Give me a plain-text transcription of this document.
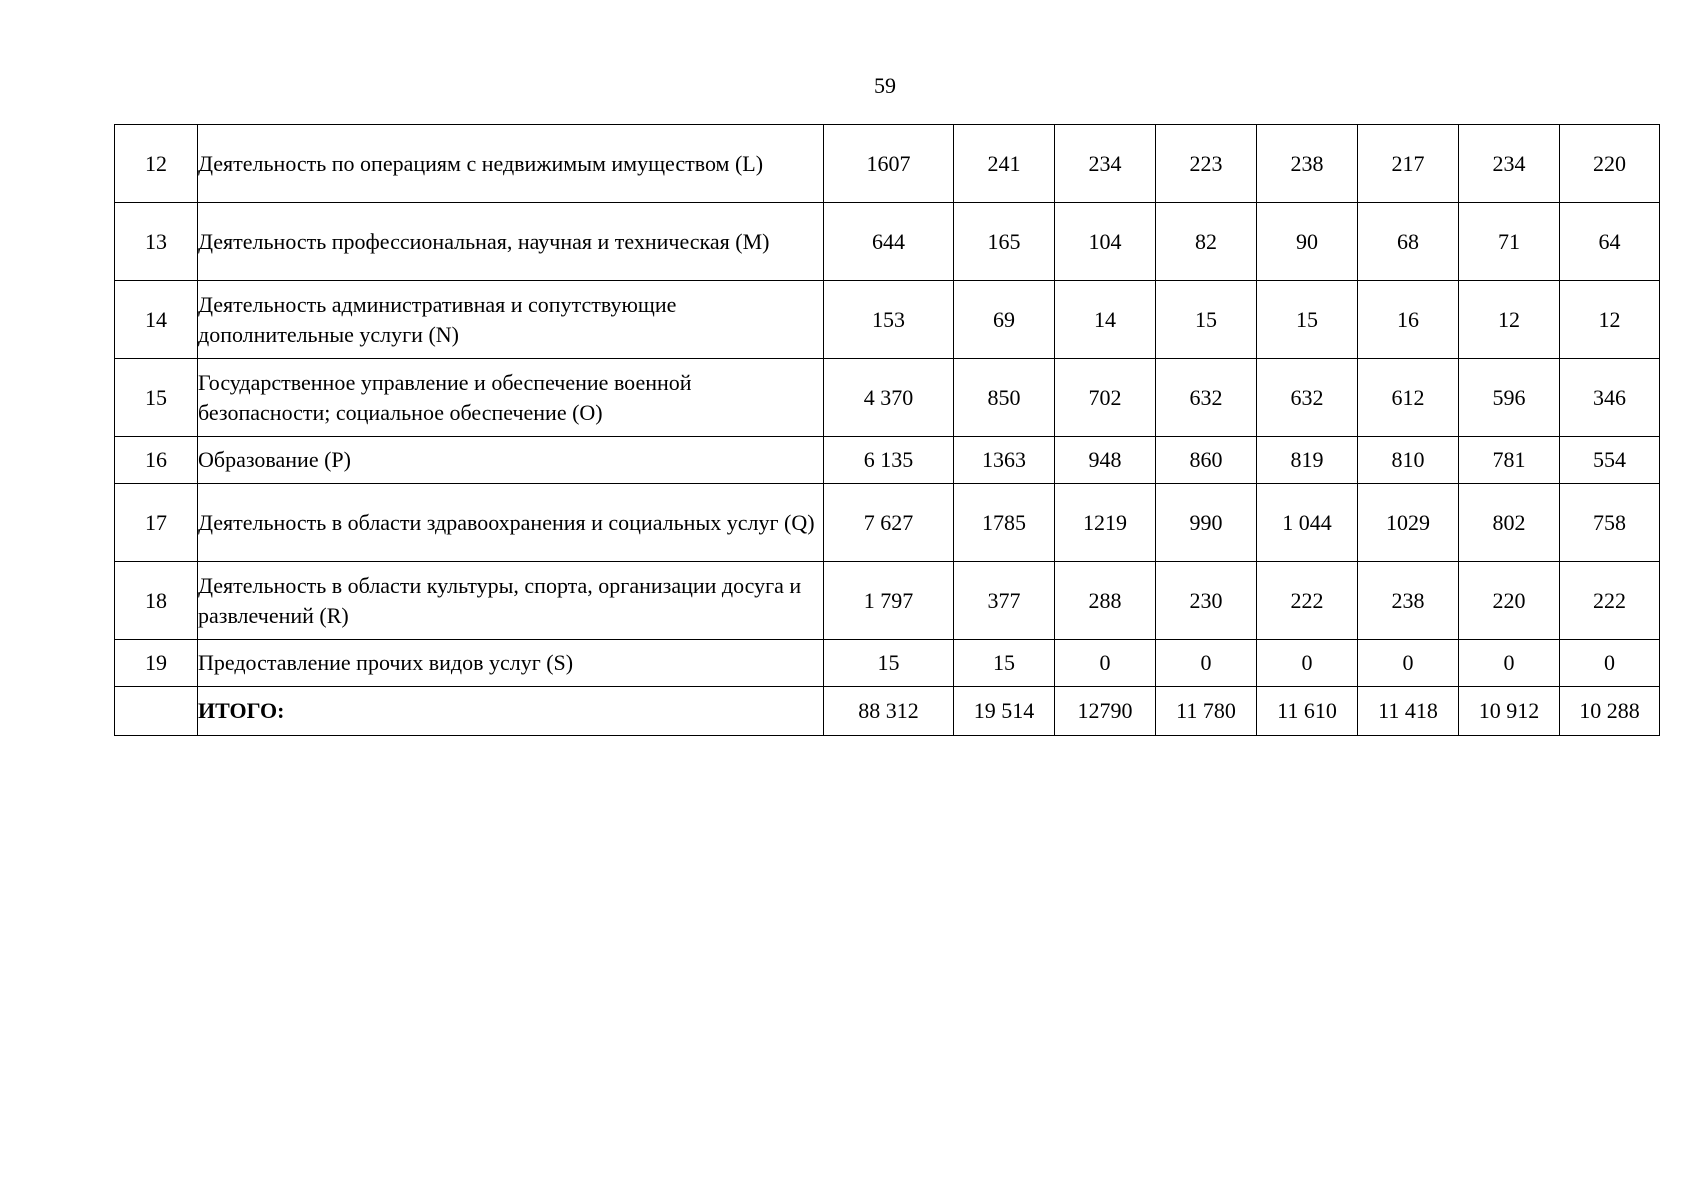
59
12	Деятельность по операциям с недвижимым имуществом (L)	1607	241	234	223	238	217	234	220
13	Деятельность профессиональная, научная и техническая (M)	644	165	104	82	90	68	71	64
14	Деятельность административная и сопутствующие дополнительные услуги (N)	153	69	14	15	15	16	12	12
15	Государственное управление и обеспечение военной безопасности; социальное обеспечение (O)	4 370	850	702	632	632	612	596	346
16	Образование (P)	6 135	1363	948	860	819	810	781	554
17	Деятельность в области здравоохранения и социальных услуг (Q)	7 627	1785	1219	990	1 044	1029	802	758
18	Деятельность в области культуры, спорта, организации досуга и развлечений (R)	1 797	377	288	230	222	238	220	222
19	Предоставление прочих видов услуг (S)	15	15	0	0	0	0	0	0
	ИТОГО:	88 312	19 514	12790	11 780	11 610	11 418	10 912	10 288
